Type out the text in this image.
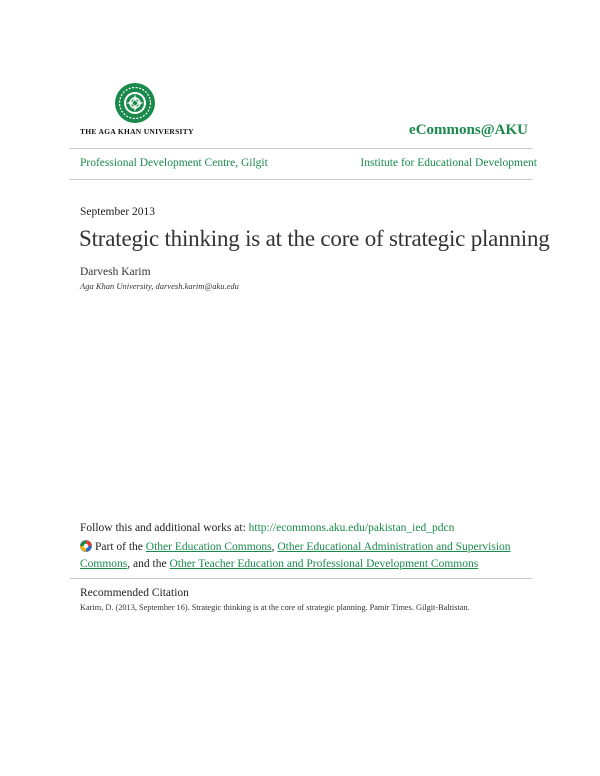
THE AGA KHAN UNIVERSITY	eCommons@AKU
Professional Development Centre, Gilgit	Institute for Educational Development
September 2013
Strategic thinking is at the core of strategic planning
Darvesh Karim
Aga Khan University, darvesh.karim@aku.edu
Follow this and additional works at: http://ecommons.aku.edu/pakistan_ied_pdcn
Part of the Other Education Commons, Other Educational Administration and Supervision Commons, and the Other Teacher Education and Professional Development Commons
Recommended Citation
Karim, D. (2013, September 16). Strategic thinking is at the core of strategic planning. Pamir Times. Gilgit-Baltistan.
